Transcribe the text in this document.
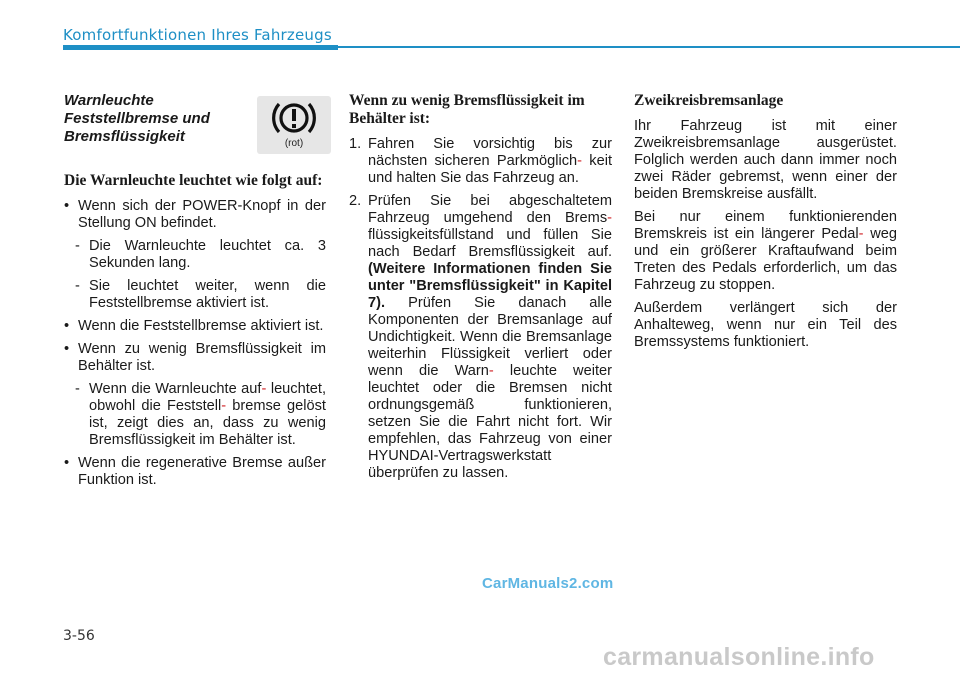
Komfortfunktionen Ihres Fahrzeugs
Warnleuchte
Feststellbremse und
Bremsflüssigkeit	(rot)
Die Warnleuchte leuchtet wie folgt auf:
• Wenn sich der POWER-Knopf in der Stellung ON befindet.
- Die Warnleuchte leuchtet ca. 3 Sekunden lang.
- Sie leuchtet weiter, wenn die Feststellbremse aktiviert ist.
• Wenn die Feststellbremse aktiviert ist.
• Wenn zu wenig Bremsflüssigkeit im Behälter ist.
- Wenn die Warnleuchte auf- leuchtet, obwohl die Feststell- bremse gelöst ist, zeigt dies an, dass zu wenig Bremsflüssigkeit im Behälter ist.
• Wenn die regenerative Bremse außer Funktion ist.
Wenn zu wenig Bremsflüssigkeit im Behälter ist:
1. Fahren Sie vorsichtig bis zur nächsten sicheren Parkmöglich- keit und halten Sie das Fahrzeug an.
2. Prüfen Sie bei abgeschaltetem Fahrzeug umgehend den Brems- flüssigkeitsfüllstand und füllen Sie nach Bedarf Bremsflüssigkeit auf. (Weitere Informationen finden Sie unter "Bremsflüssigkeit" in Kapitel 7). Prüfen Sie danach alle Komponenten der Bremsanlage auf Undichtigkeit. Wenn die Bremsanlage weiterhin Flüssigkeit verliert oder wenn die Warn- leuchte weiter leuchtet oder die Bremsen nicht ordnungsgemäß funktionieren, setzen Sie die Fahrt nicht fort. Wir empfehlen, das Fahrzeug von einer HYUNDAI-Vertragswerkstatt überprüfen zu lassen.
Zweikreisbremsanlage

Ihr Fahrzeug ist mit einer Zweikreisbremsanlage ausgerüstet. Folglich werden auch dann immer noch zwei Räder gebremst, wenn einer der beiden Bremskreise ausfällt.

Bei nur einem funktionierenden Bremskreis ist ein längerer Pedal- weg und ein größerer Kraftaufwand beim Treten des Pedals erforderlich, um das Fahrzeug zu stoppen.

Außerdem verlängert sich der Anhalteweg, wenn nur ein Teil des Bremssystems funktioniert.

CarManuals2.com
3-56
carmanualsonline.info
